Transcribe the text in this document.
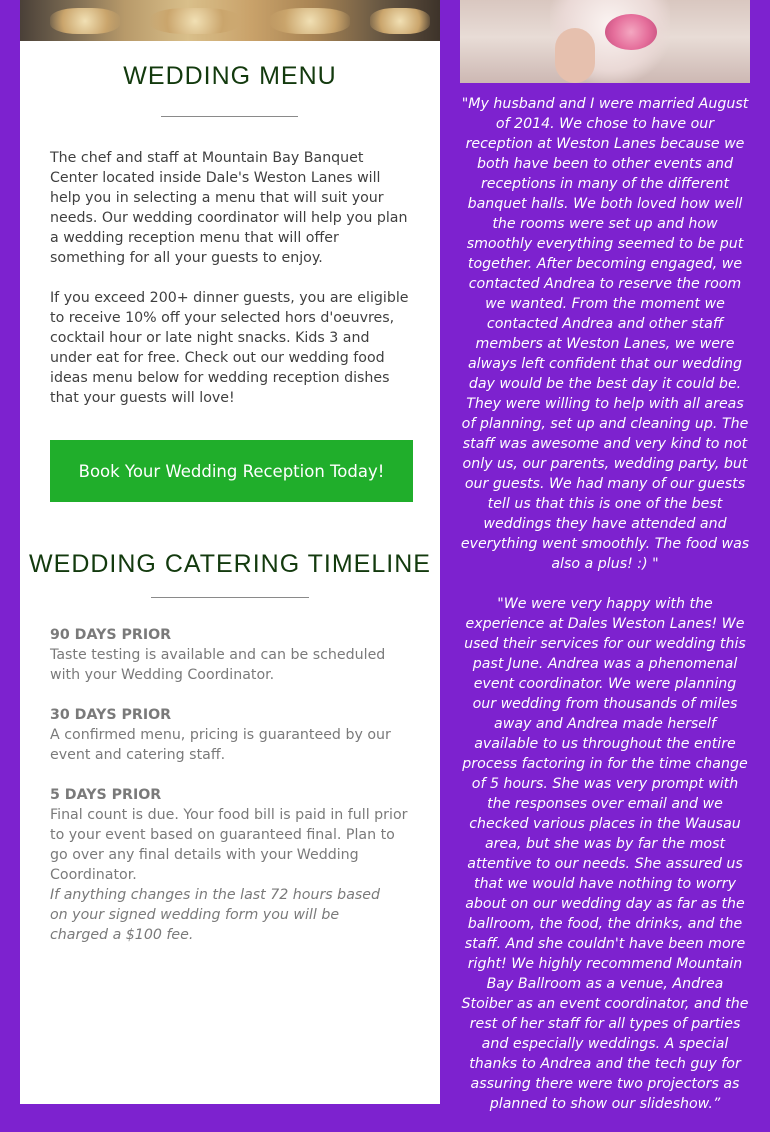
WEDDING MENU

The chef and staff at Mountain Bay Banquet Center located inside Dale's Weston Lanes will help you in selecting a menu that will suit your needs. Our wedding coordinator will help you plan a wedding reception menu that will offer something for all your guests to enjoy.

If you exceed 200+ dinner guests, you are eligible to receive 10% off your selected hors d'oeuvres, cocktail hour or late night snacks. Kids 3 and under eat for free. Check out our wedding food ideas menu below for wedding reception dishes that your guests will love!

Book Your Wedding Reception Today!
WEDDING CATERING TIMELINE
90 DAYS PRIOR
Taste testing is available and can be scheduled with your Wedding Coordinator.
30 DAYS PRIOR
A confirmed menu, pricing is guaranteed by our event and catering staff.
5 DAYS PRIOR
Final count is due. Your food bill is paid in full prior to your event based on guaranteed final. Plan to go over any final details with your Wedding Coordinator.

If anything changes in the last 72 hours based on your signed wedding form you will be charged a $100 fee.

"My husband and I were married August of 2014. We chose to have our reception at Weston Lanes because we both have been to other events and receptions in many of the different banquet halls. We both loved how well the rooms were set up and how smoothly everything seemed to be put together. After becoming engaged, we contacted Andrea to reserve the room we wanted. From the moment we contacted Andrea and other staff members at Weston Lanes, we were always left confident that our wedding day would be the best day it could be. They were willing to help with all areas of planning, set up and cleaning up. The staff was awesome and very kind to not only us, our parents, wedding party, but our guests. We had many of our guests tell us that this is one of the best weddings they have attended and everything went smoothly. The food was also a plus! :) "

"We were very happy with the experience at Dales Weston Lanes! We used their services for our wedding this past June. Andrea was a phenomenal event coordinator. We were planning our wedding from thousands of miles away and Andrea made herself available to us throughout the entire process factoring in for the time change of 5 hours. She was very prompt with the responses over email and we checked various places in the Wausau area, but she was by far the most attentive to our needs. She assured us that we would have nothing to worry about on our wedding day as far as the ballroom, the food, the drinks, and the staff. And she couldn't have been more right! We highly recommend Mountain Bay Ballroom as a venue, Andrea Stoiber as an event coordinator, and the rest of her staff for all types of parties and especially weddings. A special thanks to Andrea and the tech guy for assuring there were two projectors as planned to show our slideshow.”
